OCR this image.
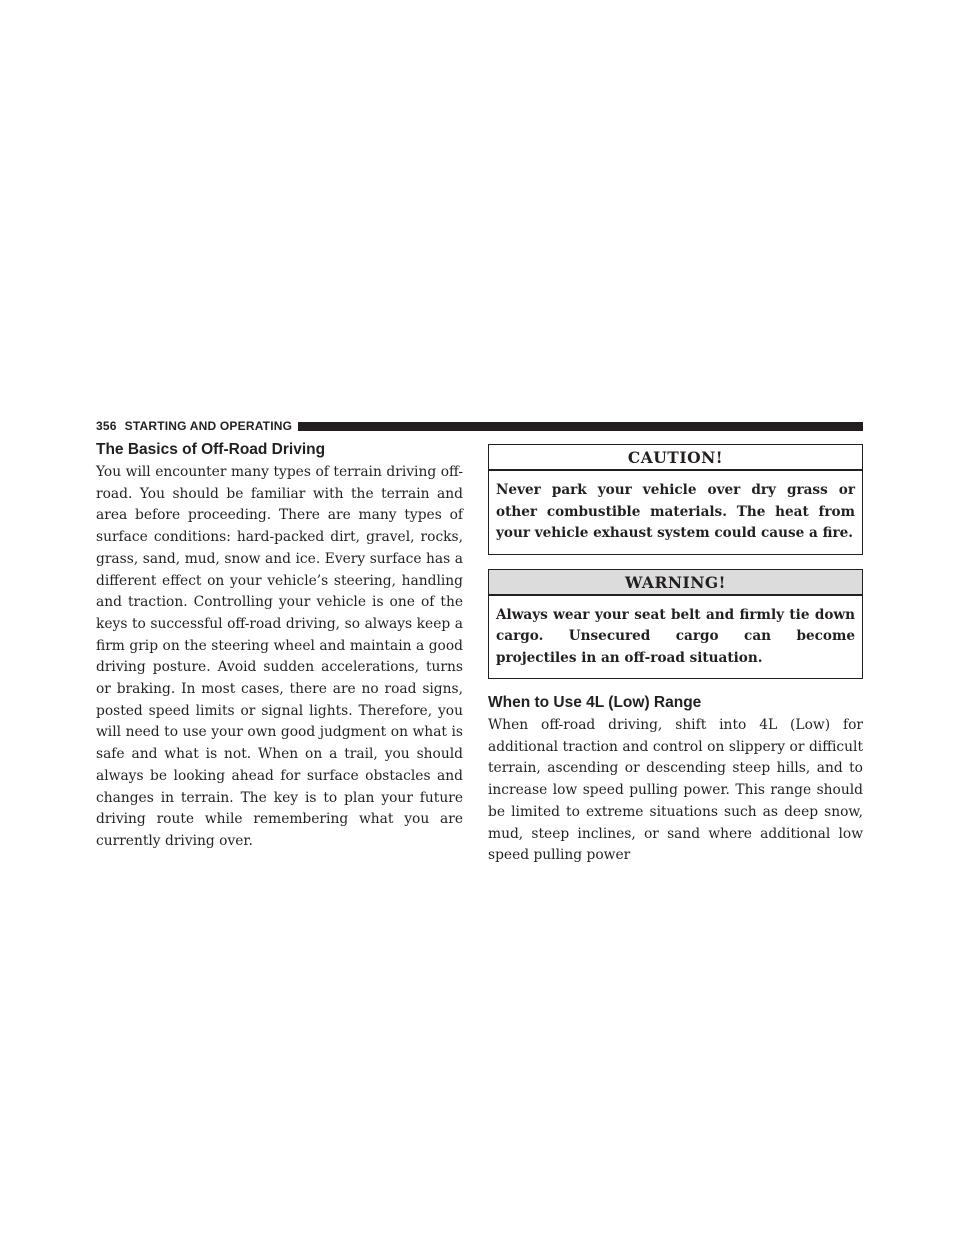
356 STARTING AND OPERATING
The Basics of Off-Road Driving

You will encounter many types of terrain driving off-road. You should be familiar with the terrain and area before proceeding. There are many types of surface conditions: hard-packed dirt, gravel, rocks, grass, sand, mud, snow and ice. Every surface has a different effect on your vehicle’s steering, handling and traction. Controlling your vehicle is one of the keys to successful off-road driving, so always keep a firm grip on the steering wheel and maintain a good driving posture. Avoid sudden accelerations, turns or braking. In most cases, there are no road signs, posted speed limits or signal lights. Therefore, you will need to use your own good judgment on what is safe and what is not. When on a trail, you should always be looking ahead for surface obstacles and changes in terrain. The key is to plan your future driving route while remembering what you are currently driving over.

CAUTION!
Never park your vehicle over dry grass or other combustible materials. The heat from your vehicle exhaust system could cause a fire.
WARNING!
Always wear your seat belt and firmly tie down cargo. Unsecured cargo can become projectiles in an off-road situation.
When to Use 4L (Low) Range

When off-road driving, shift into 4L (Low) for additional traction and control on slippery or difficult terrain, ascending or descending steep hills, and to increase low speed pulling power. This range should be limited to extreme situations such as deep snow, mud, steep inclines, or sand where additional low speed pulling power
